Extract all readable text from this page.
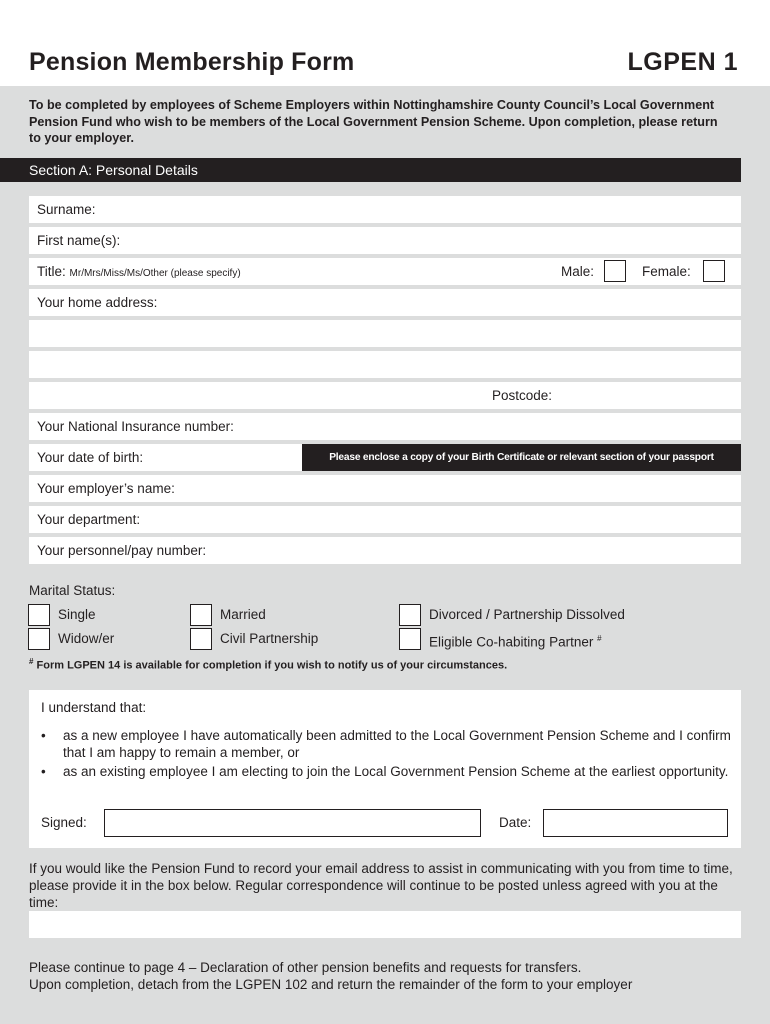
Pension Membership Form	LGPEN 1
To be completed by employees of Scheme Employers within Nottinghamshire County Council’s Local Government Pension Fund who wish to be members of the Local Government Pension Scheme. Upon completion, please return to your employer.
Section A: Personal Details
Surname:
First name(s):
Title: Mr/Mrs/Miss/Ms/Other (please specify)	Male:	Female:
Your home address:
Postcode:
Your National Insurance number:
Your date of birth:	Please enclose a copy of your Birth Certificate or relevant section of your passport
Your employer’s name:
Your department:
Your personnel/pay number:
Marital Status:
Single	Married	Divorced / Partnership Dissolved
Widow/er	Civil Partnership	Eligible Co-habiting Partner #
# Form LGPEN 14 is available for completion if you wish to notify us of your circumstances.
I understand that:
• as a new employee I have automatically been admitted to the Local Government Pension Scheme and I confirm that I am happy to remain a member, or
• as an existing employee I am electing to join the Local Government Pension Scheme at the earliest opportunity.
Signed:	Date:
If you would like the Pension Fund to record your email address to assist in communicating with you from time to time, please provide it in the box below. Regular correspondence will continue to be posted unless agreed with you at the time:
Please continue to page 4 – Declaration of other pension benefits and requests for transfers.
Upon completion, detach from the LGPEN 102 and return the remainder of the form to your employer
